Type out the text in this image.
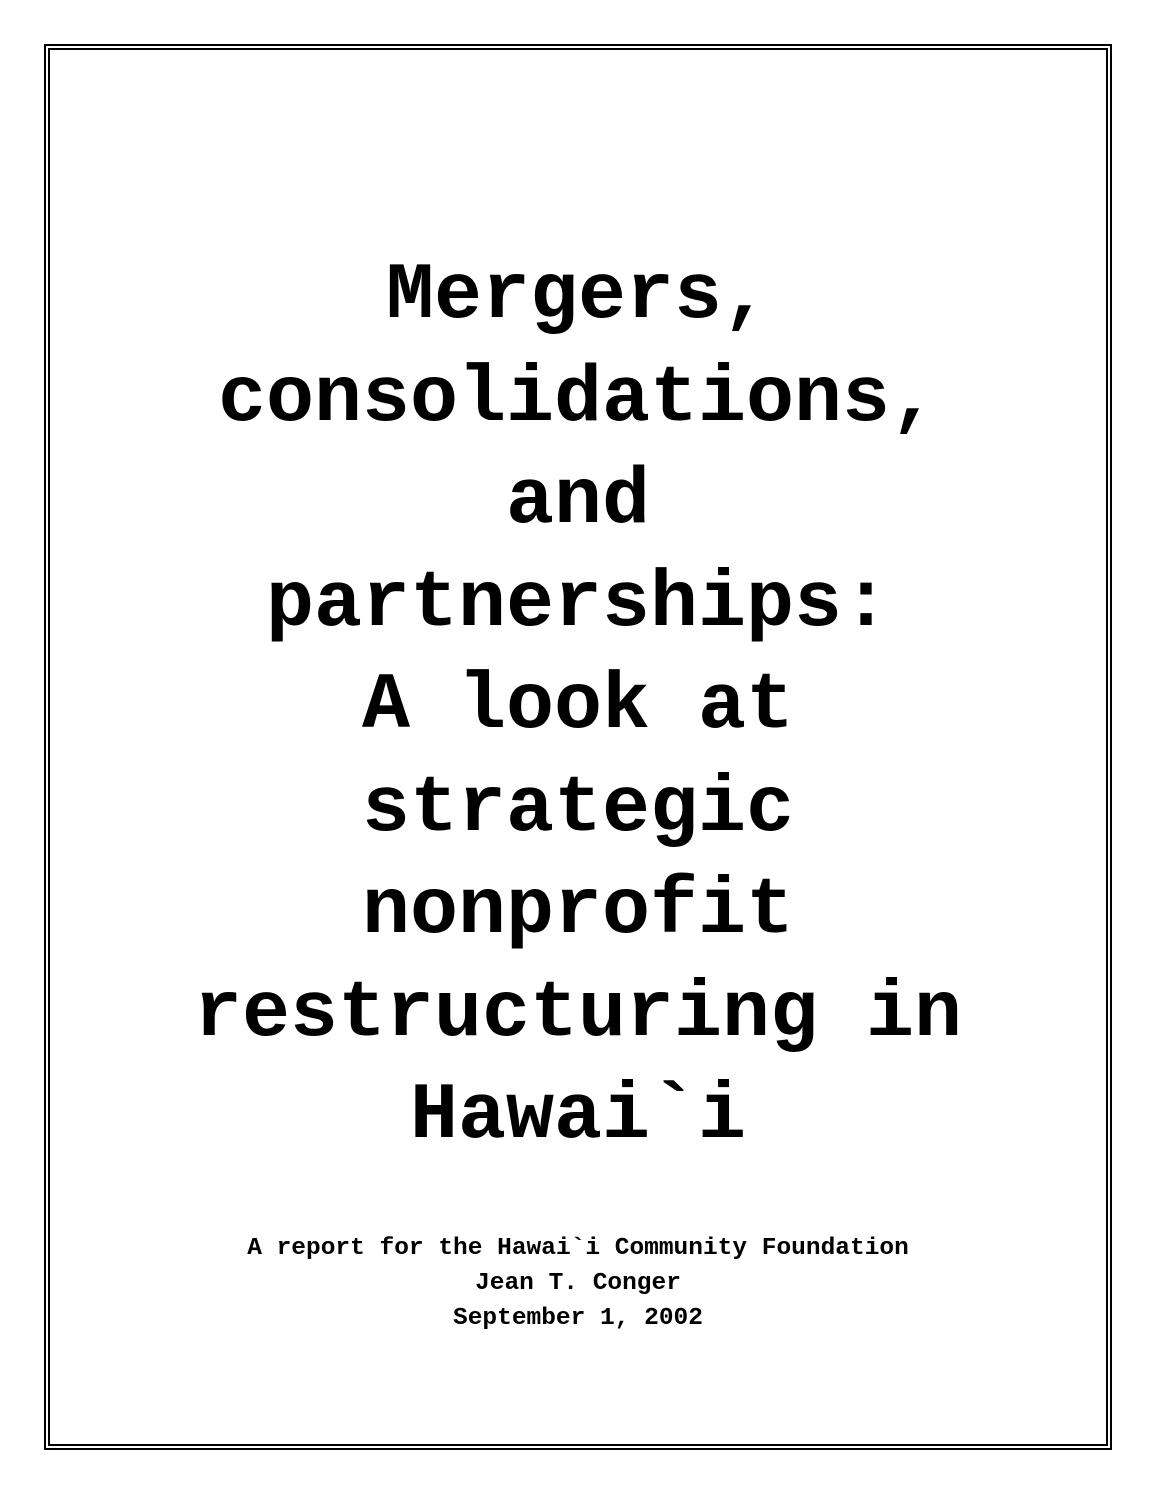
Mergers,
consolidations,
and
partnerships:
A look at
strategic
nonprofit
restructuring in
Hawai`i
A report for the Hawai`i Community Foundation
Jean T. Conger
September 1, 2002
